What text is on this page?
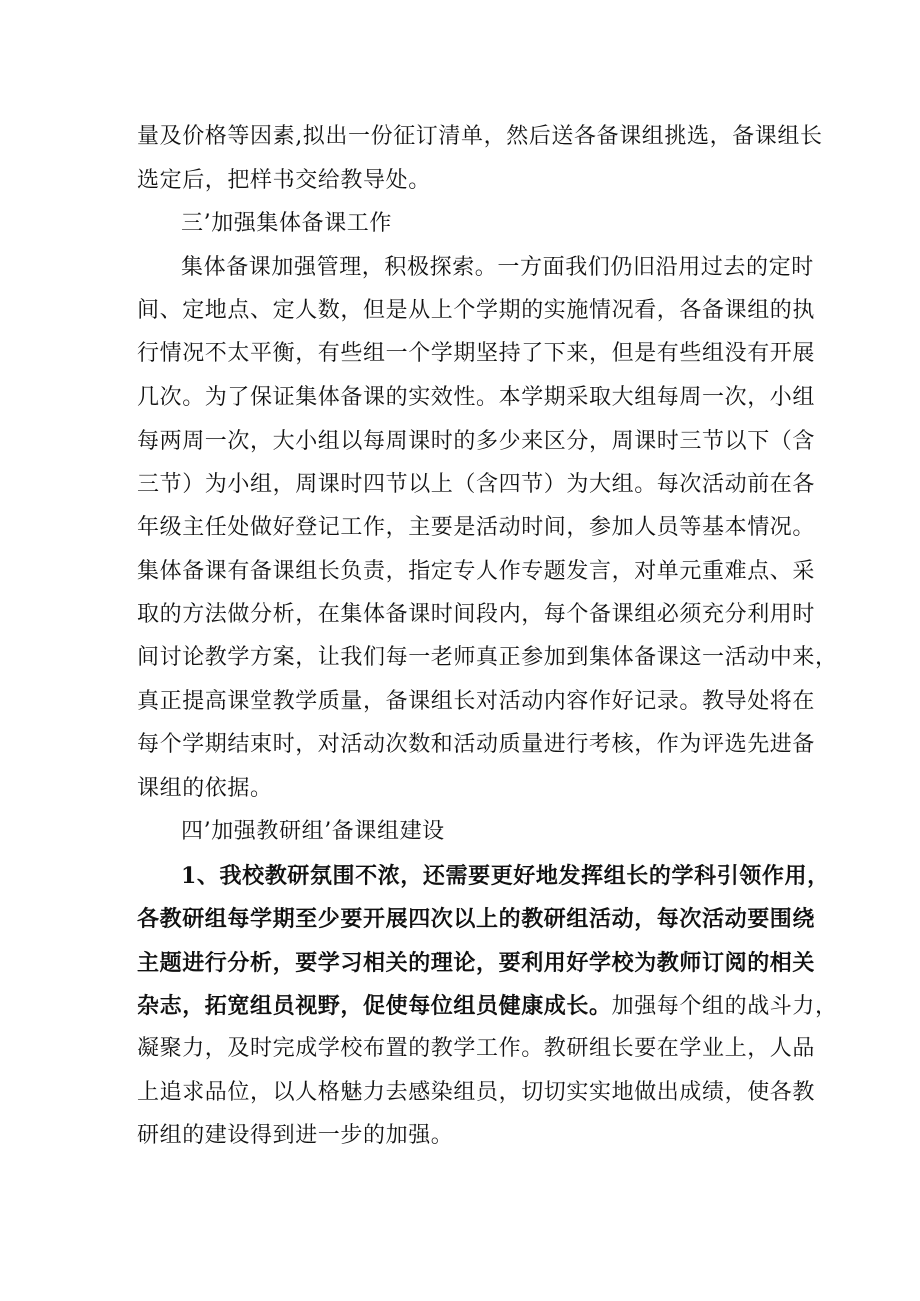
量及价格等因素,拟出一份征订清单，然后送各备课组挑选，备课组长
选定后，把样书交给教导处。
三’加强集体备课工作
集体备课加强管理，积极探索。一方面我们仍旧沿用过去的定时
间、定地点、定人数，但是从上个学期的实施情况看，各备课组的执
行情况不太平衡，有些组一个学期坚持了下来，但是有些组没有开展
几次。为了保证集体备课的实效性。本学期采取大组每周一次，小组
每两周一次，大小组以每周课时的多少来区分，周课时三节以下（含
三节）为小组，周课时四节以上（含四节）为大组。每次活动前在各
年级主任处做好登记工作，主要是活动时间，参加人员等基本情况。
集体备课有备课组长负责，指定专人作专题发言，对单元重难点、采
取的方法做分析，在集体备课时间段内，每个备课组必须充分利用时
间讨论教学方案，让我们每一老师真正参加到集体备课这一活动中来，
真正提高课堂教学质量，备课组长对活动内容作好记录。教导处将在
每个学期结束时，对活动次数和活动质量进行考核，作为评选先进备
课组的依据。
四’加强教研组’备课组建设
1、我校教研氛围不浓，还需要更好地发挥组长的学科引领作用，
各教研组每学期至少要开展四次以上的教研组活动，每次活动要围绕
主题进行分析，要学习相关的理论，要利用好学校为教师订阅的相关
杂志，拓宽组员视野，促使每位组员健康成长。加强每个组的战斗力，
凝聚力，及时完成学校布置的教学工作。教研组长要在学业上，人品
上追求品位，以人格魅力去感染组员，切切实实地做出成绩，使各教
研组的建设得到进一步的加强。
